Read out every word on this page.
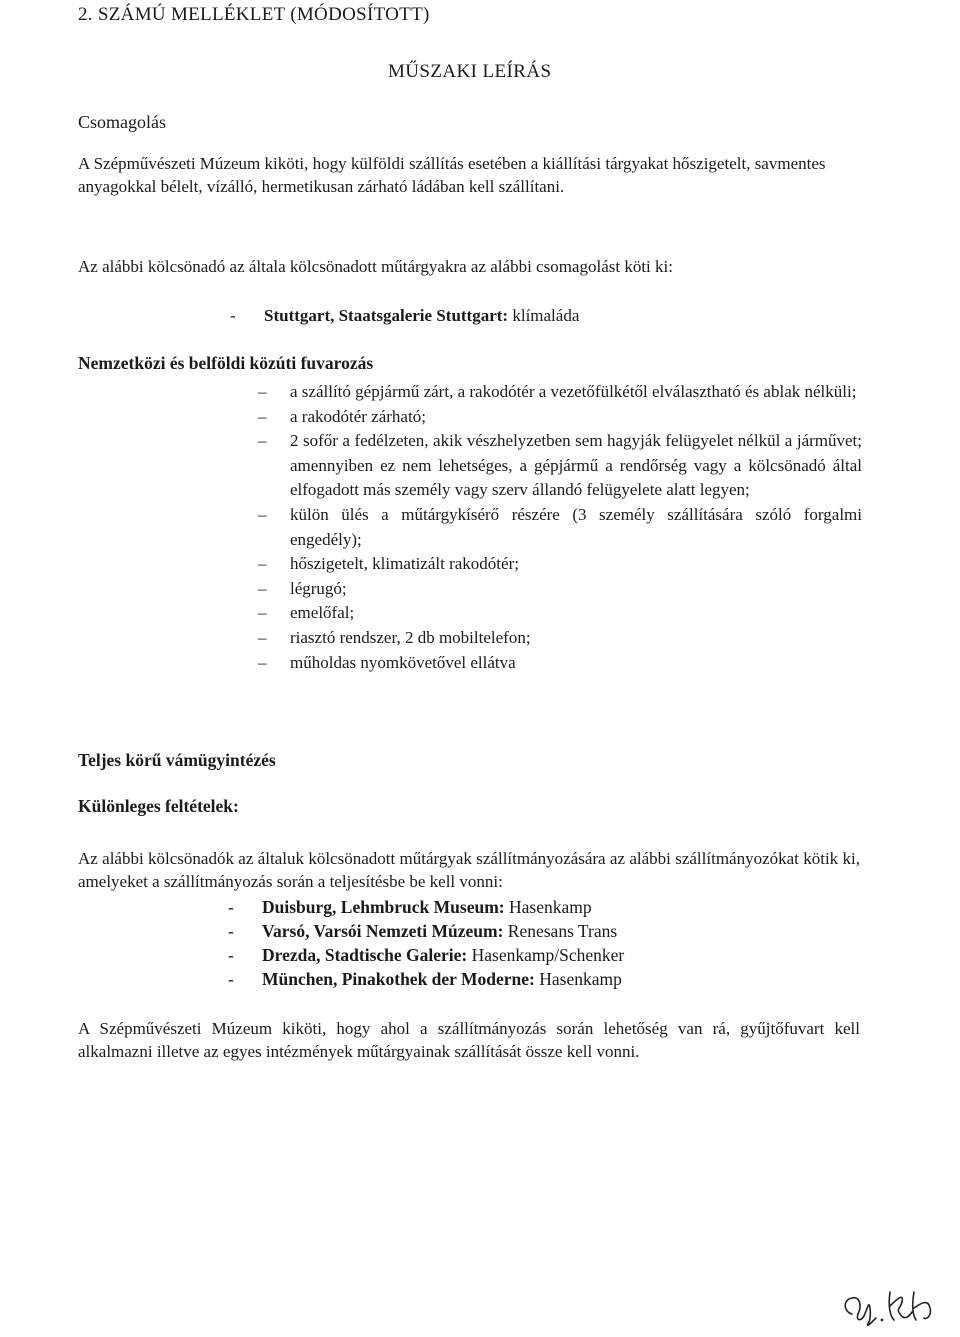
2. SZÁMÚ MELLÉKLET (MÓDOSÍTOTT)
MŰSZAKI LEÍRÁS
Csomagolás
A Szépművészeti Múzeum kiköti, hogy külföldi szállítás esetében a kiállítási tárgyakat hőszigetelt, savmentes anyagokkal bélelt, vízálló, hermetikusan zárható ládában kell szállítani.
Az alábbi kölcsönadó az általa kölcsönadott műtárgyakra az alábbi csomagolást köti ki:
- Stuttgart, Staatsgalerie Stuttgart: klímaláda
Nemzetközi és belföldi közúti fuvarozás
– a szállító gépjármű zárt, a rakodótér a vezetőfülkétől elválasztható és ablak nélküli;
– a rakodótér zárható;
– 2 sofőr a fedélzeten, akik vészhelyzetben sem hagyják felügyelet nélkül a járművet; amennyiben ez nem lehetséges, a gépjármű a rendőrség vagy a kölcsönadó által elfogadott más személy vagy szerv állandó felügyelete alatt legyen;
– külön ülés a műtárgykísérő részére (3 személy szállítására szóló forgalmi engedély);
– hőszigetelt, klimatizált rakodótér;
– légrugó;
– emelőfal;
– riasztó rendszer, 2 db mobiltelefon;
– műholdas nyomkövetővel ellátva
Teljes körű vámügyintézés
Különleges feltételek:
Az alábbi kölcsönadók az általuk kölcsönadott műtárgyak szállítmányozására az alábbi szállítmányozókat kötik ki, amelyeket a szállítmányozás során a teljesítésbe be kell vonni:
- Duisburg, Lehmbruck Museum: Hasenkamp
- Varsó, Varsói Nemzeti Múzeum: Renesans Trans
- Drezda, Stadtische Galerie: Hasenkamp/Schenker
- München, Pinakothek der Moderne: Hasenkamp
A Szépművészeti Múzeum kiköti, hogy ahol a szállítmányozás során lehetőség van rá, gyűjtőfuvart kell alkalmazni illetve az egyes intézmények műtárgyainak szállítását össze kell vonni.
